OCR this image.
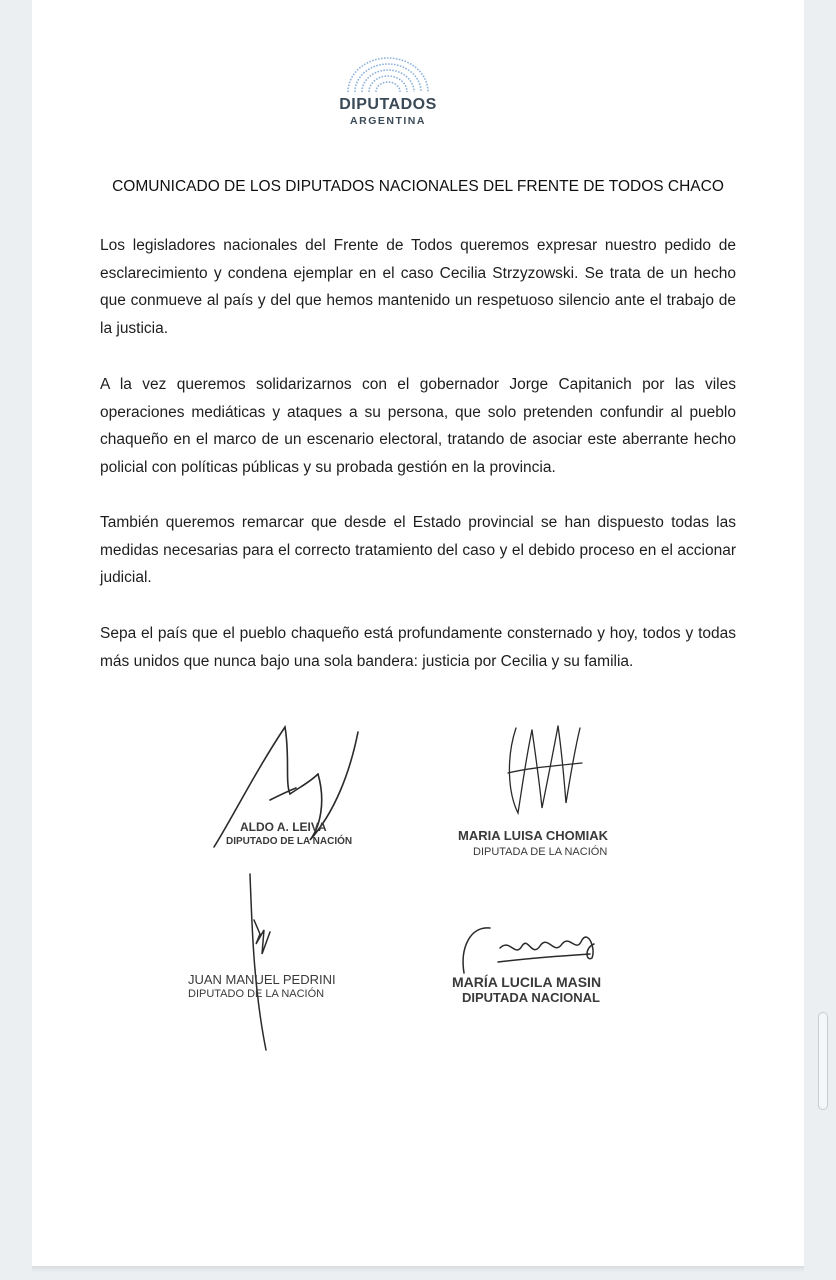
DIPUTADOS
ARGENTINA
COMUNICADO DE LOS DIPUTADOS NACIONALES DEL FRENTE DE TODOS CHACO
Los legisladores nacionales del Frente de Todos queremos expresar nuestro pedido de esclarecimiento y condena ejemplar en el caso Cecilia Strzyzowski. Se trata de un hecho que conmueve al país y del que hemos mantenido un respetuoso silencio ante el trabajo de la justicia.
A la vez queremos solidarizarnos con el gobernador Jorge Capitanich por las viles operaciones mediáticas y ataques a su persona, que solo pretenden confundir al pueblo chaqueño en el marco de un escenario electoral, tratando de asociar este aberrante hecho policial con políticas públicas y su probada gestión en la provincia.
También queremos remarcar que desde el Estado provincial se han dispuesto todas las medidas necesarias para el correcto tratamiento del caso y el debido proceso en el accionar judicial.
Sepa el país que el pueblo chaqueño está profundamente consternado y hoy, todos y todas más unidos que nunca bajo una sola bandera: justicia por Cecilia y su familia.
ALDO A. LEIVA
DIPUTADO DE LA NACIÓN	MARIA LUISA CHOMIAK
DIPUTADA DE LA NACIÓN
JUAN MANUEL PEDRINI
DIPUTADO DE LA NACIÓN
MARÍA LUCILA MASIN
DIPUTADA NACIONAL
